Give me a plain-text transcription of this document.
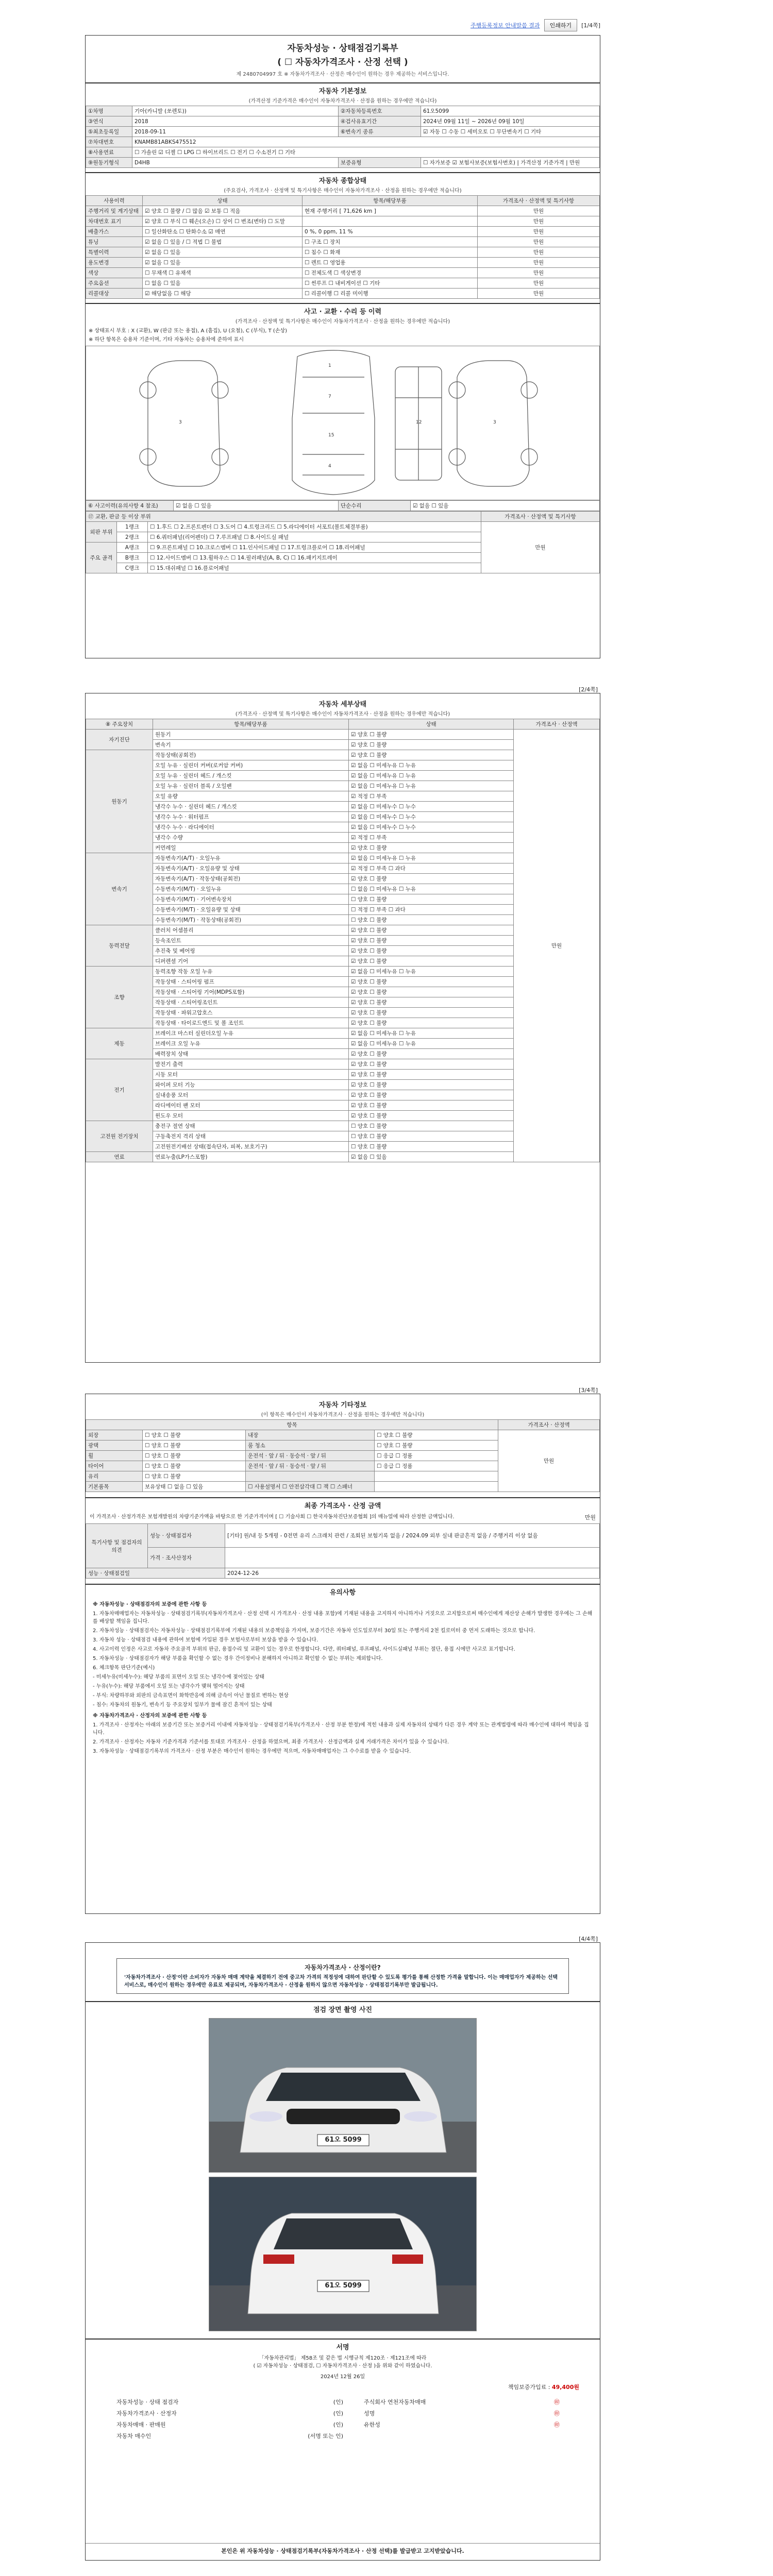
주행등록정보 안내말씀 결과	인쇄하기	[1/4쪽]
자동차성능 · 상태점검기록부
( ☐ 자동차가격조사 · 산정 선택 )
제 2480704997 호 ※ 자동차가격조사 · 산정은 매수인이 원하는 경우 제공하는 서비스입니다.
자동차 기본정보
(가격산정 기준가격은 매수인이 자동차가격조사 · 산정을 원하는 경우에만 적습니다)
①차명	기아(카니발 (쏘렌토))	②자동차등록번호	61오5099
③연식	2018	④검사유효기간	2024년 09월 11일 ~ 2026년 09월 10일
⑤최초등록일	2018-09-11	⑥변속기 종류	☑ 자동 ☐ 수동 ☐ 세미오토 ☐ 무단변속기 ☐ 기타
⑦차대번호	KNAMB81ABKS475512		
⑧사용연료	☐ 가솔린 ☑ 디젤 ☐ LPG ☐ 하이브리드 ☐ 전기 ☐ 수소전기 ☐ 기타		
⑨원동기형식	D4HB	보증유형	☐ 자가보증 ☑ 보험사보증(보험사번호) | 가격산정 기준가격 | 만원
자동차 종합상태
(주요검사, 가격조사 · 산정액 및 특기사항은 매수인이 자동차가격조사 · 산정을 원하는 경우에만 적습니다)
사용이력	상태	항목/해당부품	가격조사 · 산정액 및 특기사항
주행거리 및 계기상태	☑ 양호 ☐ 불량 / ☐ 많음 ☑ 보통 ☐ 적음	현재 주행거리 [ 71,626 km ]	만원
차대번호 표기	☑ 양호 ☐ 부식 ☐ 훼손(오손) ☐ 상이 ☐ 변조(변타) ☐ 도말		만원
배출가스	☐ 일산화탄소 ☐ 탄화수소 ☑ 매연	0 %, 0 ppm, 11 %	만원
튜닝	☑ 없음 ☐ 있음 / ☐ 적법 ☐ 불법	☐ 구조 ☐ 장치	만원
특별이력	☑ 없음 ☐ 있음	☐ 침수 ☐ 화재	만원
용도변경	☑ 없음 ☐ 있음	☐ 렌트 ☐ 영업용	만원
색상	☐ 무채색 ☐ 유채색	☐ 전체도색 ☐ 색상변경	만원
주요옵션	☐ 없음 ☐ 있음	☐ 썬루프 ☐ 내비게이션 ☐ 기타	만원
리콜대상	☑ 해당없음 ☐ 해당	☐ 리콜이행 ☐ 리콜 미이행	만원
사고 · 교환 · 수리 등 이력
(가격조사 · 산정액 및 특기사항은 매수인이 자동차가격조사 · 산정을 원하는 경우에만 적습니다)
※ 상태표시 부호 : X (교환), W (판금 또는 용접), A (흠집), U (요철), C (부식), T (손상)
※ 하단 항목은 승용차 기준이며, 기타 자동차는 승용차에 준하여 표시
1
7
15
4
3	3
12
⑥ 사고이력(유의사항 4 참조)	☑ 없음 ☐ 있음	단순수리	☑ 없음 ☐ 있음
⑰ 교환, 판금 등 이상 부위			가격조사 · 산정액 및 특기사항
외판 부위	1랭크	☐ 1.후드 ☐ 2.프론트펜더 ☐ 3.도어 ☐ 4.트렁크리드 ☐ 5.라디에이터 서포트(볼트체결부품)	만원
	2랭크	☐ 6.쿼터패널(리어펜더) ☐ 7.루프패널 ☐ 8.사이드실 패널	
주요 골격	A랭크	☐ 9.프론트패널 ☐ 10.크로스멤버 ☐ 11.인사이드패널 ☐ 17.트렁크플로어 ☐ 18.리어패널	
	B랭크	☐ 12.사이드멤버 ☐ 13.휠하우스 ☐ 14.필러패널(A, B, C) ☐ 16.패키지트레이	
	C랭크	☐ 15.대쉬패널 ☐ 16.플로어패널	
[2/4쪽]
자동차 세부상태
(가격조사 · 산정액 및 특기사항은 매수인이 자동차가격조사 · 산정을 원하는 경우에만 적습니다)
⑧ 주요장치	항목/해당부품	상태	가격조사 · 산정액
자기진단	원동기	☑ 양호 ☐ 불량	만원
	변속기	☑ 양호 ☐ 불량	
원동기	작동상태(공회전)	☑ 양호 ☐ 불량	
	오일 누유 · 실린더 커버(로커암 커버)	☑ 없음 ☐ 미세누유 ☐ 누유	
	오일 누유 · 실린더 헤드 / 개스킷	☑ 없음 ☐ 미세누유 ☐ 누유	
	오일 누유 · 실린더 블록 / 오일팬	☑ 없음 ☐ 미세누유 ☐ 누유	
	오일 유량	☑ 적정 ☐ 부족	
	냉각수 누수 · 실린더 헤드 / 개스킷	☑ 없음 ☐ 미세누수 ☐ 누수	
	냉각수 누수 · 워터펌프	☑ 없음 ☐ 미세누수 ☐ 누수	
	냉각수 누수 · 라디에이터	☑ 없음 ☐ 미세누수 ☐ 누수	
	냉각수 수량	☑ 적정 ☐ 부족	
	커먼레일	☑ 양호 ☐ 불량	
변속기	자동변속기(A/T) · 오일누유	☑ 없음 ☐ 미세누유 ☐ 누유	
	자동변속기(A/T) · 오일유량 및 상태	☑ 적정 ☐ 부족 ☐ 과다	
	자동변속기(A/T) · 작동상태(공회전)	☑ 양호 ☐ 불량	
	수동변속기(M/T) · 오일누유	☐ 없음 ☐ 미세누유 ☐ 누유	
	수동변속기(M/T) · 기어변속장치	☐ 양호 ☐ 불량	
	수동변속기(M/T) · 오일유량 및 상태	☐ 적정 ☐ 부족 ☐ 과다	
	수동변속기(M/T) · 작동상태(공회전)	☐ 양호 ☐ 불량	
동력전달	클러치 어셈블리	☑ 양호 ☐ 불량	
	등속조인트	☑ 양호 ☐ 불량	
	추진축 및 베어링	☑ 양호 ☐ 불량	
	디퍼렌셜 기어	☑ 양호 ☐ 불량	
조향	동력조향 작동 오일 누유	☑ 없음 ☐ 미세누유 ☐ 누유	
	작동상태 · 스티어링 펌프	☑ 양호 ☐ 불량	
	작동상태 · 스티어링 기어(MDPS포함)	☑ 양호 ☐ 불량	
	작동상태 · 스티어링조인트	☑ 양호 ☐ 불량	
	작동상태 · 파워고압호스	☑ 양호 ☐ 불량	
	작동상태 · 타이로드엔드 및 볼 조인트	☑ 양호 ☐ 불량	
제동	브레이크 마스터 실린더오일 누유	☑ 없음 ☐ 미세누유 ☐ 누유	
	브레이크 오일 누유	☑ 없음 ☐ 미세누유 ☐ 누유	
	배력장치 상태	☑ 양호 ☐ 불량	
전기	발전기 출력	☑ 양호 ☐ 불량	
	시동 모터	☑ 양호 ☐ 불량	
	와이퍼 모터 기능	☑ 양호 ☐ 불량	
	실내송풍 모터	☑ 양호 ☐ 불량	
	라디에이터 팬 모터	☑ 양호 ☐ 불량	
	윈도우 모터	☑ 양호 ☐ 불량	
고전원 전기장치	충전구 절연 상태	☐ 양호 ☐ 불량	
	구동축전지 격리 상태	☐ 양호 ☐ 불량	
	고전원전기배선 상태(접속단자, 피복, 보호기구)	☐ 양호 ☐ 불량	
연료	연료누출(LP가스포함)	☑ 없음 ☐ 있음	
[3/4쪽]
자동차 기타정보
(이 항목은 매수인이 자동차가격조사 · 산정을 원하는 경우에만 적습니다)
항목				가격조사 · 산정액
외장	☐ 양호 ☐ 불량	내장	☐ 양호 ☐ 불량	만원
광택	☐ 양호 ☐ 불량	룸 청소	☐ 양호 ☐ 불량	
휠	☐ 양호 ☐ 불량	운전석 · 앞 / 뒤 · 동승석 · 앞 / 뒤	☐ 응급 ☐ 정품	
타이어	☐ 양호 ☐ 불량	운전석 · 앞 / 뒤 · 동승석 · 앞 / 뒤	☐ 응급 ☐ 정품	
유리	☐ 양호 ☐ 불량			
기본품목	보유상태 ☐ 없음 ☐ 있음	☐ 사용설명서 ☐ 안전삼각대 ☐ 잭 ☐ 스패너		
최종 가격조사 · 산정 금액
이 가격조사 · 산정가격은 보험개발원의 차량기준가액을 바탕으로 한 기준가격이며 [ ☐ 기술사회 ☐ 한국자동차진단보증협회 ]의 매뉴얼에 따라 산정한 금액입니다.	만원
특기사항 및 점검자의 의견	성능 · 상태점검자	[기타] 원/내 등 5개평 - 0전면 유리 스크래치 관련 / 조회된 보험기록 없음 / 2024.09 외부 실내 판금흔적 없음 / 주행거리 이상 없음
	가격 · 조사산정자	
성능 · 상태점검일		2024-12-26
유의사항

※ 자동차성능 · 상태점검자의 보증에 관한 사항 등

1. 자동차매매업자는 자동차성능 · 상태점검기록부(자동차가격조사 · 산정 선택 시 가격조사 · 산정 내용 포함)에 기재된 내용을 고지하지 아니하거나 거짓으로 고지함으로써 매수인에게 재산상 손해가 발생한 경우에는 그 손해를 배상할 책임을 집니다.

2. 자동차성능 · 상태점검자는 자동차성능 · 상태점검기록부에 기재된 내용의 보증책임을 가지며, 보증기간은 자동차 인도일로부터 30일 또는 주행거리 2천 킬로미터 중 먼저 도래하는 것으로 합니다.

3. 자동차 성능 · 상태점검 내용에 관하여 보험에 가입된 경우 보험사로부터 보상을 받을 수 있습니다.

4. 사고이력 인정은 사고로 자동차 주요골격 부위의 판금, 용접수리 및 교환이 있는 경우로 한정합니다. 다만, 쿼터패널, 루프패널, 사이드실패널 부위는 절단, 용접 시에만 사고로 표기합니다.

5. 자동차성능 · 상태점검자가 해당 부품을 확인할 수 없는 경우 간이정비나 분해하지 아니하고 확인할 수 없는 부위는 제외합니다.

6. 체크항목 판단기준(예시)

- 미세누유(미세누수): 해당 부품의 표면이 오일 또는 냉각수에 젖어있는 상태

- 누유(누수): 해당 부품에서 오일 또는 냉각수가 맺혀 떨어지는 상태

- 부식: 차량하부와 외판의 금속표면이 화학반응에 의해 금속이 아닌 물질로 변하는 현상

- 침수: 자동차의 원동기, 변속기 등 주요장치 일부가 물에 잠긴 흔적이 있는 상태

※ 자동차가격조사 · 산정자의 보증에 관한 사항 등

1. 가격조사 · 산정자는 아래의 보증기간 또는 보증거리 이내에 자동차성능 · 상태점검기록부(가격조사 · 산정 부분 한정)에 적힌 내용과 실제 자동차의 상태가 다른 경우 계약 또는 관계법령에 따라 매수인에 대하여 책임을 집니다.

2. 가격조사 · 산정자는 자동차 기준가격과 기준서를 토대로 가격조사 · 산정을 하였으며, 최종 가격조사 · 산정금액과 실제 거래가격은 차이가 있을 수 있습니다.

3. 자동차성능 · 상태점검기록부의 가격조사 · 산정 부분은 매수인이 원하는 경우에만 적으며, 자동차매매업자는 그 수수료를 받을 수 있습니다.

[4/4쪽]
자동차가격조사 · 산정이란?
'자동차가격조사 · 산정'이란 소비자가 자동차 매매 계약을 체결하기 전에 중고차 가격의 적정성에 대하여 판단할 수 있도록 평가를 통해 산정한 가격을 말합니다. 이는 매매업자가 제공하는 선택 서비스로, 매수인이 원하는 경우에만 유료로 제공되며, 자동차가격조사 · 산정을 원하지 않으면 자동차성능 · 상태점검기록부만 발급됩니다.
점검 장면 촬영 사진
61오 5099
61오 5099
서명
「자동차관리법」 제58조 및 같은 법 시행규칙 제120조 · 제121조에 따라
( ☑ 자동차성능 · 상태점검, ☐ 자동차가격조사 · 산정 )을 위와 같이 하였습니다.
2024년 12월 26일
책임보증가입료 : 49,400원
자동차성능 · 상태 점검자	(인)
자동차가격조사 · 산정자	(인)
자동차매매 · 판매원	(인)
자동차 매수인	(서명 또는 인)
주식회사 연천자동차매매	㊞
성명	㊞
유한성	㊞
본인은 위 자동차성능 · 상태점검기록부(자동차가격조사 · 산정 선택)를 발급받고 고지받았습니다.
